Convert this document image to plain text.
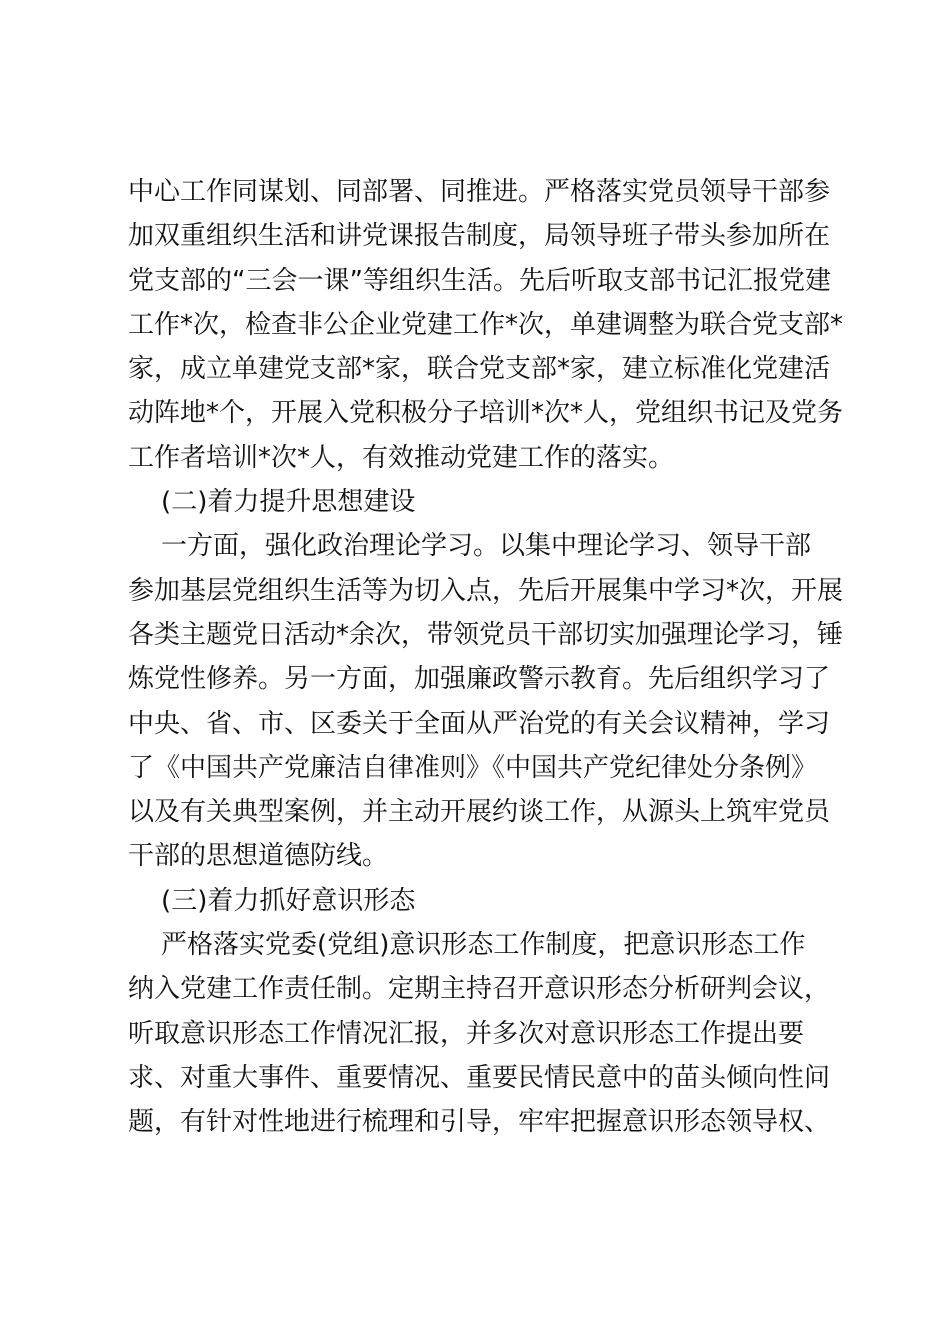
中心工作同谋划、同部署、同推进。严格落实党员领导干部参
加双重组织生活和讲党课报告制度，局领导班子带头参加所在
党支部的“三会一课”等组织生活。先后听取支部书记汇报党建
工作*次，检查非公企业党建工作*次，单建调整为联合党支部*
家，成立单建党支部*家，联合党支部*家，建立标准化党建活
动阵地*个，开展入党积极分子培训*次*人，党组织书记及党务
工作者培训*次*人，有效推动党建工作的落实。
(二)着力提升思想建设
一方面，强化政治理论学习。以集中理论学习、领导干部
参加基层党组织生活等为切入点，先后开展集中学习*次，开展
各类主题党日活动*余次，带领党员干部切实加强理论学习，锤
炼党性修养。另一方面，加强廉政警示教育。先后组织学习了
中央、省、市、区委关于全面从严治党的有关会议精神，学习
了《中国共产党廉洁自律准则》《中国共产党纪律处分条例》
以及有关典型案例，并主动开展约谈工作，从源头上筑牢党员
干部的思想道德防线。
(三)着力抓好意识形态
严格落实党委(党组)意识形态工作制度，把意识形态工作
纳入党建工作责任制。定期主持召开意识形态分析研判会议，
听取意识形态工作情况汇报，并多次对意识形态工作提出要
求、对重大事件、重要情况、重要民情民意中的苗头倾向性问
题，有针对性地进行梳理和引导，牢牢把握意识形态领导权、
